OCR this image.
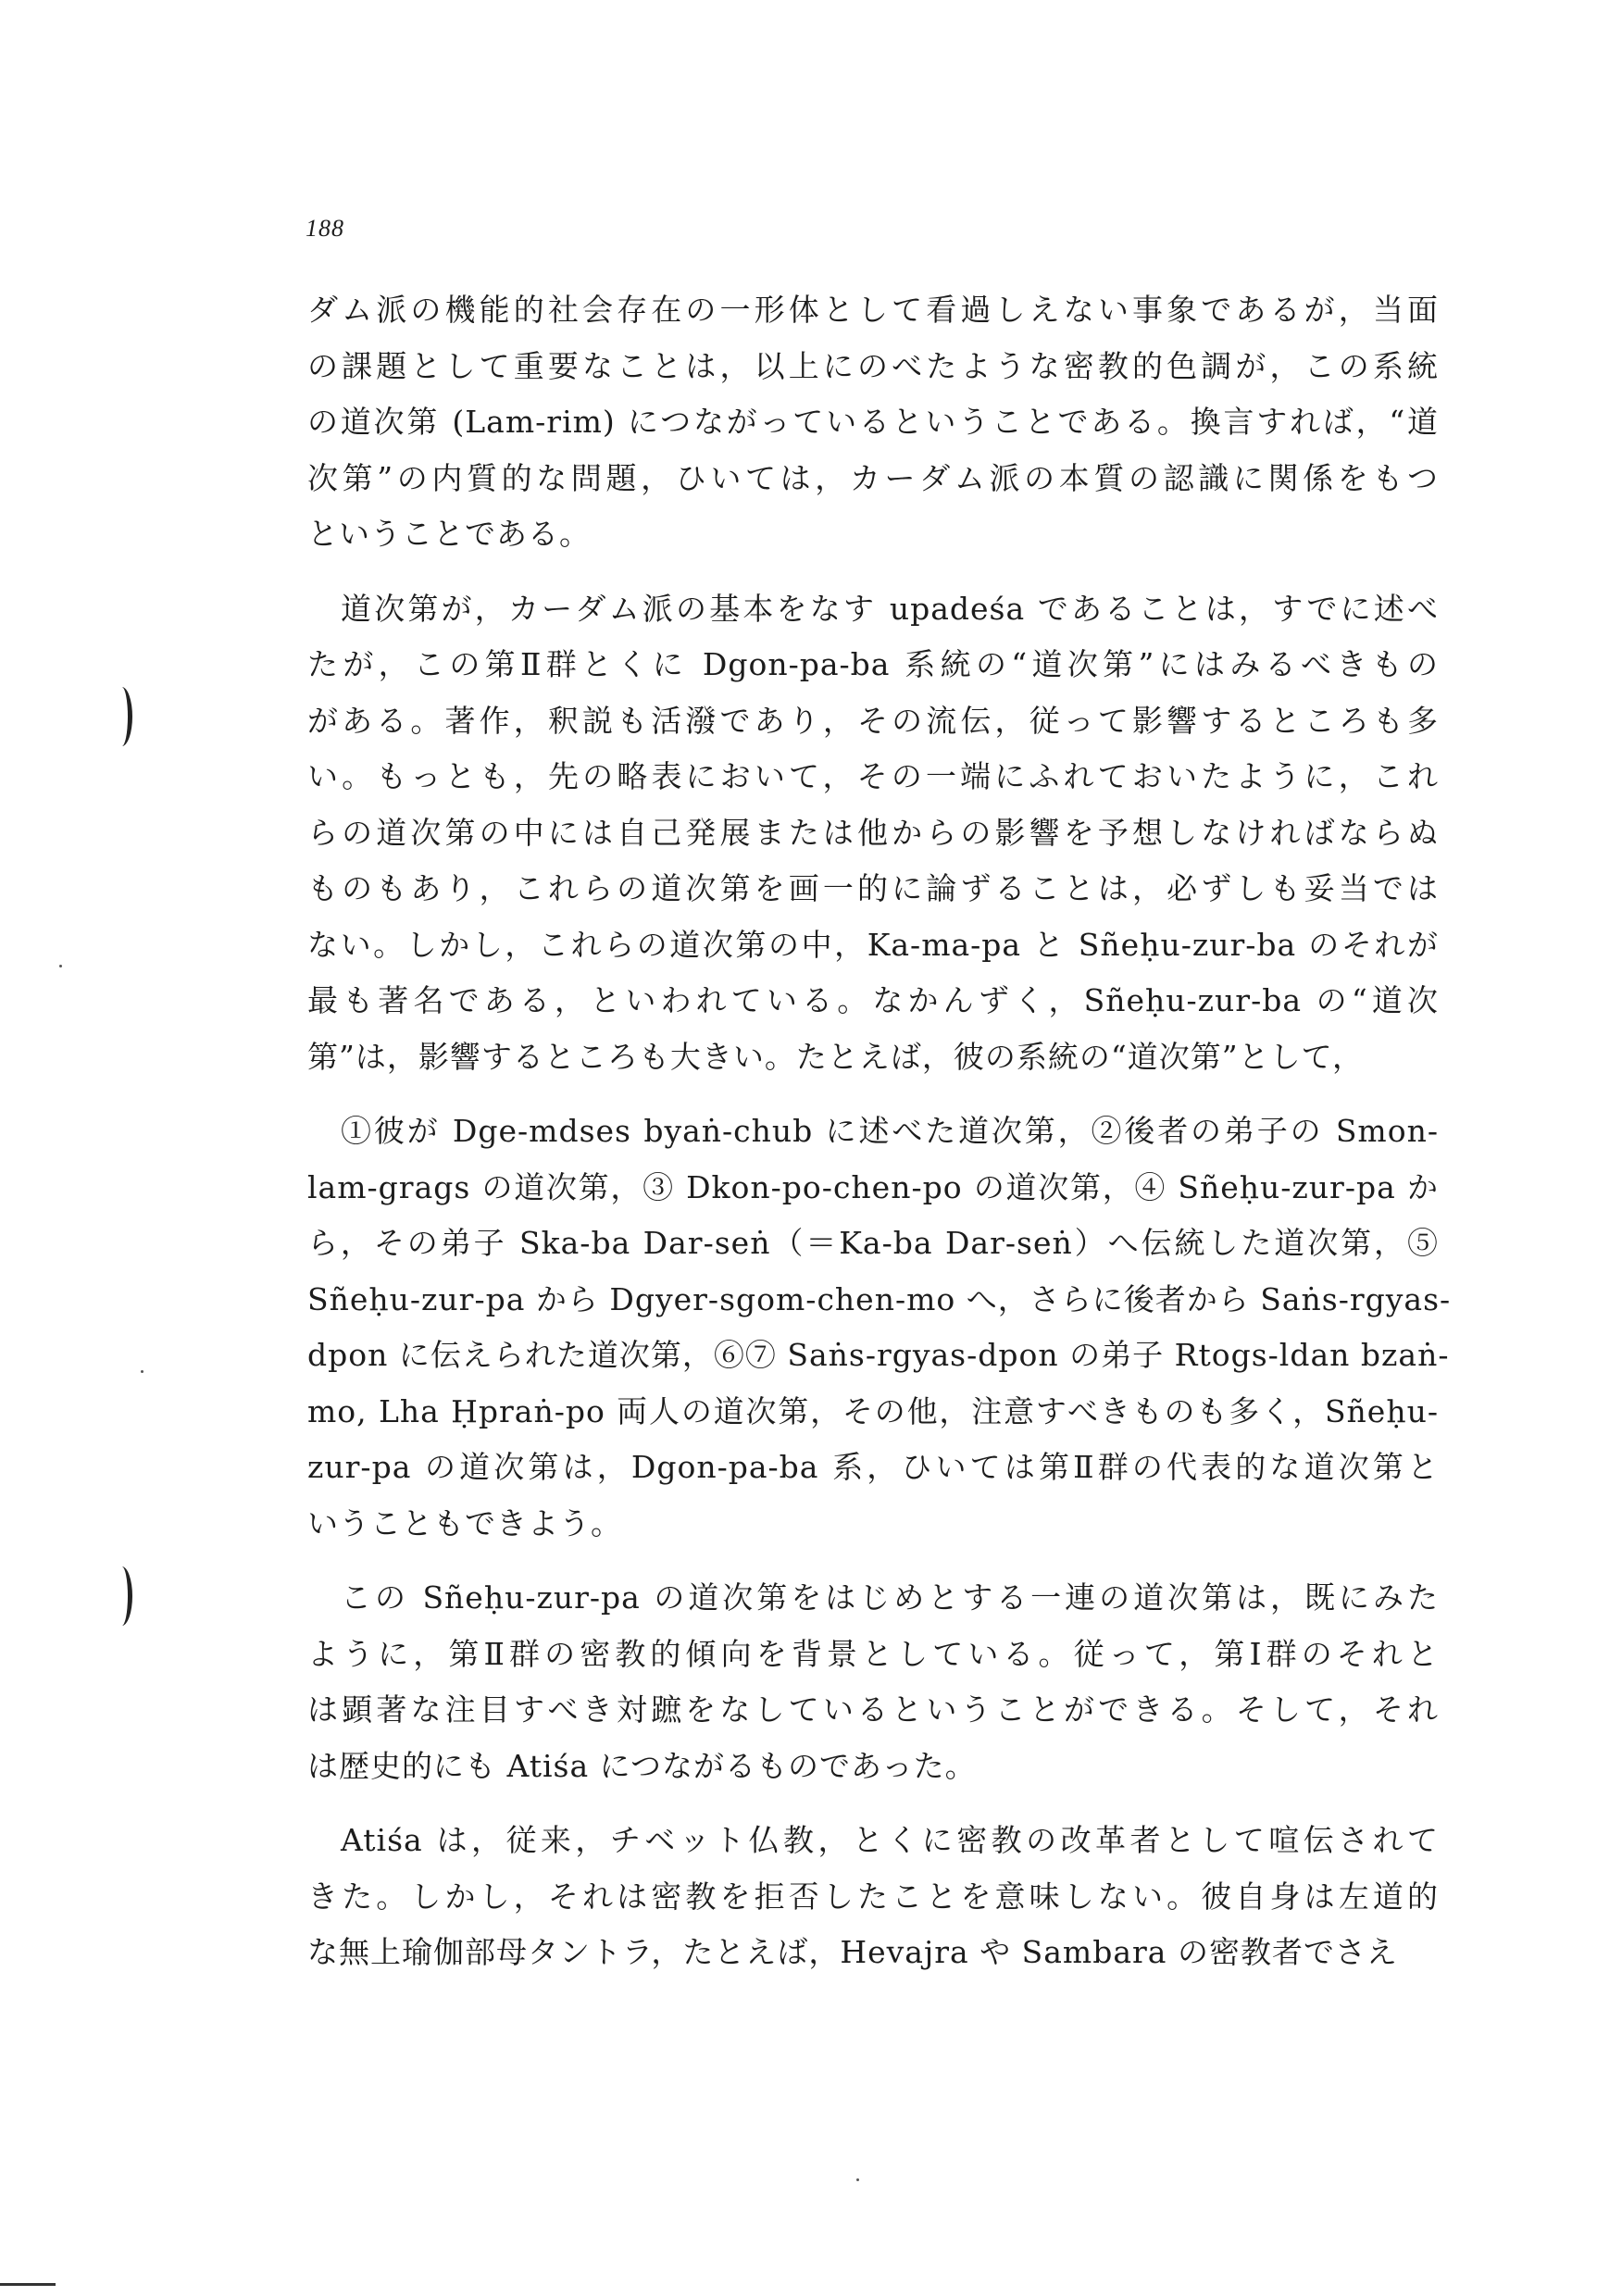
188
ダム派の機能的社会存在の一形体として看過しえない事象であるが，当面
の課題として重要なことは，以上にのべたような密教的色調が，この系統
の道次第 (Lam-rim) につながっているということである。換言すれば，“道
次第”の内質的な問題，ひいては，カーダム派の本質の認識に関係をもつ
ということである。
道次第が，カーダム派の基本をなす upadeśa であることは，すでに述べ
たが，この第Ⅱ群とくに Dgon-pa-ba 系統の“道次第”にはみるべきもの
がある。著作，釈説も活潑であり，その流伝，従って影響するところも多
い。もっとも，先の略表において，その一端にふれておいたように，これ
らの道次第の中には自己発展または他からの影響を予想しなければならぬ
ものもあり，これらの道次第を画一的に論ずることは，必ずしも妥当では
ない。しかし，これらの道次第の中，Ka-ma-pa と Sñeḥu-zur-ba のそれが
最も著名である，といわれている。なかんずく，Sñeḥu-zur-ba の“道次
第”は，影響するところも大きい。たとえば，彼の系統の“道次第”として，
①彼が Dge-mdses byaṅ-chub に述べた道次第，②後者の弟子の Smon-
lam-grags の道次第，③ Dkon-po-chen-po の道次第，④ Sñeḥu-zur-pa か
ら，その弟子 Ska-ba Dar-seṅ（＝Ka-ba Dar-seṅ）へ伝統した道次第，⑤
Sñeḥu-zur-pa から Dgyer-sgom-chen-mo へ，さらに後者から Saṅs-rgyas-
dpon に伝えられた道次第，⑥⑦ Saṅs-rgyas-dpon の弟子 Rtogs-ldan bzaṅ-
mo, Lha Ḥpraṅ-po 両人の道次第，その他，注意すべきものも多く，Sñeḥu-
zur-pa の道次第は，Dgon-pa-ba 系，ひいては第Ⅱ群の代表的な道次第と
いうこともできよう。
この Sñeḥu-zur-pa の道次第をはじめとする一連の道次第は，既にみた
ように，第Ⅱ群の密教的傾向を背景としている。従って，第Ⅰ群のそれと
は顕著な注目すべき対蹠をなしているということができる。そして，それ
は歴史的にも Atiśa につながるものであった。
Atiśa は，従来，チベット仏教，とくに密教の改革者として喧伝されて
きた。しかし，それは密教を拒否したことを意味しない。彼自身は左道的
な無上瑜伽部母タントラ，たとえば，Hevajra や Sambara の密教者でさえ
